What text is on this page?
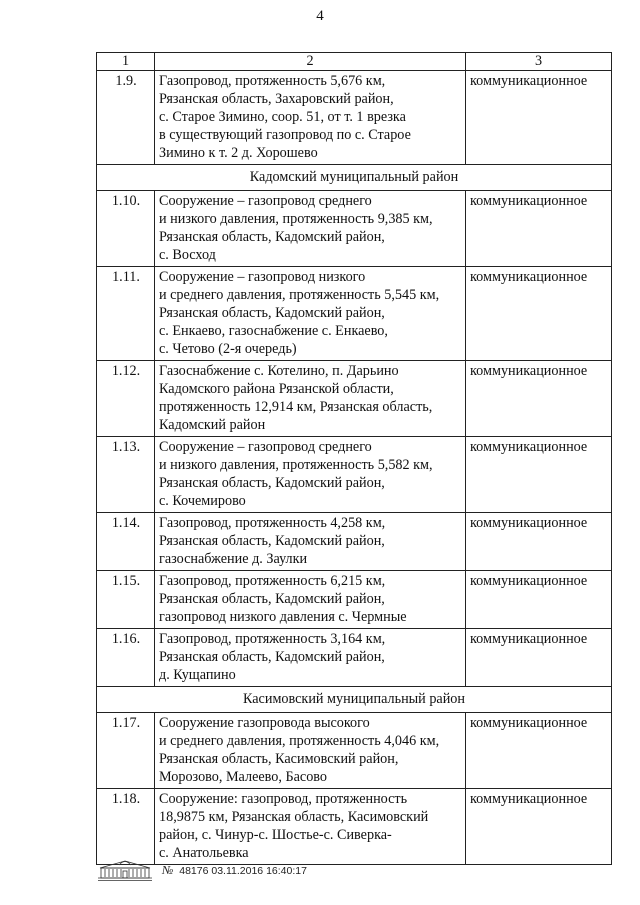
4
1	2	3
1.9.	Газопровод, протяженность 5,676 км,
Рязанская область, Захаровский район,
с. Старое Зимино, соор. 51, от т. 1 врезка
в существующий газопровод по с. Старое
Зимино к т. 2 д. Хорошево	коммуникационное
Кадомский муниципальный район		
1.10.	Сооружение – газопровод среднего
и низкого давления, протяженность 9,385 км,
Рязанская область, Кадомский район,
с. Восход	коммуникационное
1.11.	Сооружение – газопровод низкого
и среднего давления, протяженность 5,545 км,
Рязанская область, Кадомский район,
с. Енкаево, газоснабжение с. Енкаево,
с. Четово (2-я очередь)	коммуникационное
1.12.	Газоснабжение с. Котелино, п. Дарьино
Кадомского района Рязанской области,
протяженность 12,914 км, Рязанская область,
Кадомский район	коммуникационное
1.13.	Сооружение – газопровод среднего
и низкого давления, протяженность 5,582 км,
Рязанская область, Кадомский район,
с. Кочемирово	коммуникационное
1.14.	Газопровод, протяженность 4,258 км,
Рязанская область, Кадомский район,
газоснабжение д. Заулки	коммуникационное
1.15.	Газопровод, протяженность 6,215 км,
Рязанская область, Кадомский район,
газопровод низкого давления с. Чермные	коммуникационное
1.16.	Газопровод, протяженность 3,164 км,
Рязанская область, Кадомский район,
д. Кущапино	коммуникационное
Касимовский муниципальный район		
1.17.	Сооружение газопровода высокого
и среднего давления, протяженность 4,046 км,
Рязанская область, Касимовский район,
Морозово, Малеево, Басово	коммуникационное
1.18.	Сооружение: газопровод, протяженность
18,9875 км, Рязанская область, Касимовский
район, с. Чинур-с. Шостье-с. Сиверка-
с. Анатольевка	коммуникационное
№ 48176 03.11.2016 16:40:17
